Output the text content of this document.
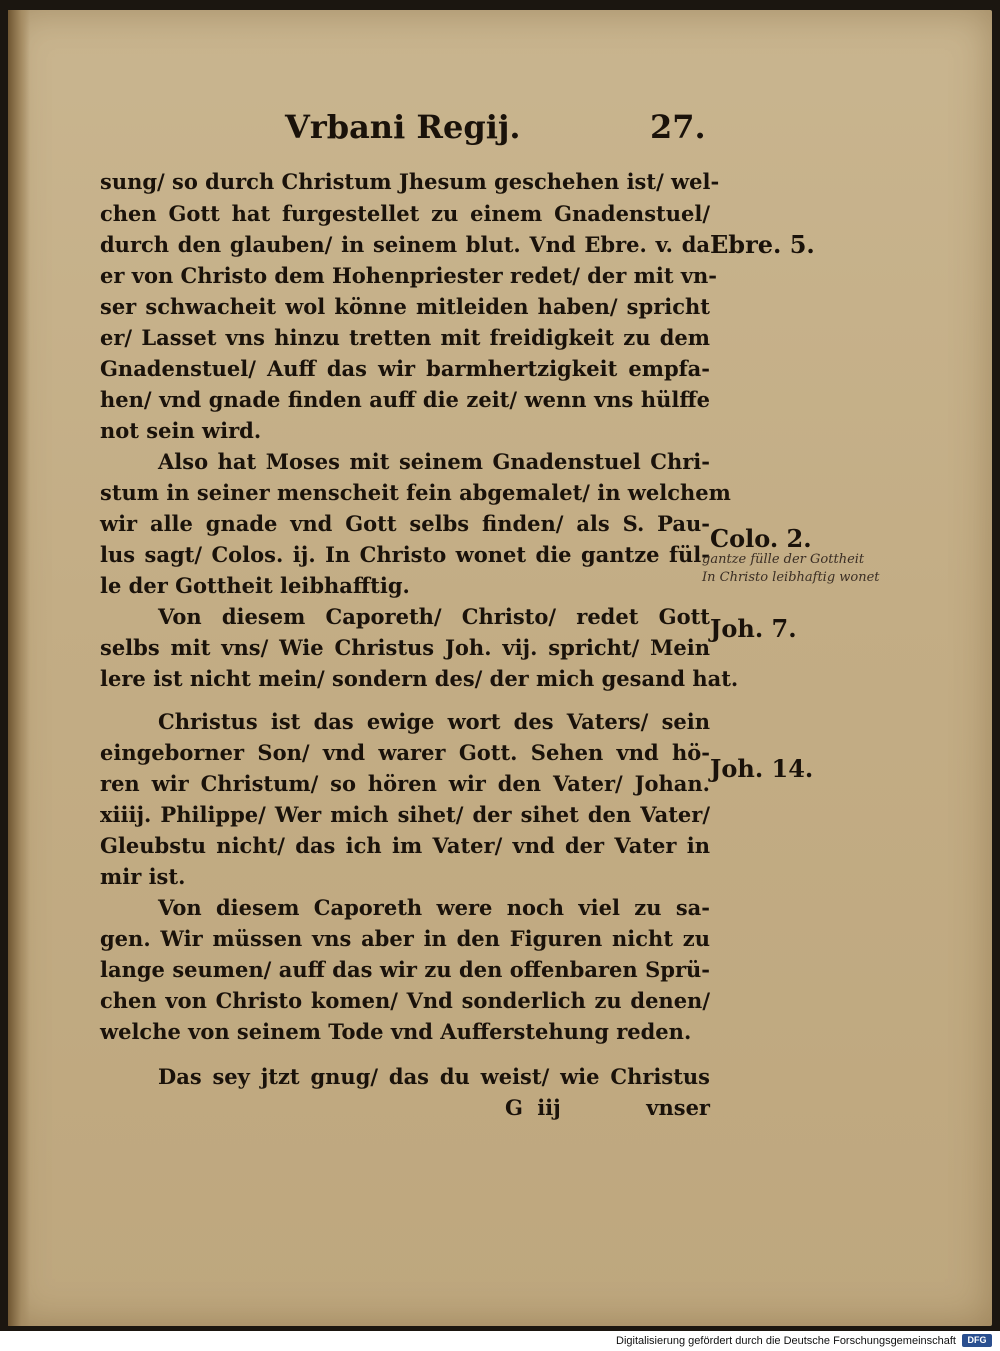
Vrbani Regij.	27.
sung/ so durch Christum Jhesum geschehen ist/ wel-
chen Gott hat furgestellet zu einem Gnadenstuel/
durch den glauben/ in seinem blut. Vnd Ebre. v. da
er von Christo dem Hohenpriester redet/ der mit vn-
ser schwacheit wol könne mitleiden haben/ spricht
er/ Lasset vns hinzu tretten mit freidigkeit zu dem
Gnadenstuel/ Auff das wir barmhertzigkeit empfa-
hen/ vnd gnade finden auff die zeit/ wenn vns hülffe
not sein wird.
Also hat Moses mit seinem Gnadenstuel Chri-
stum in seiner menscheit fein abgemalet/ in welchem
wir alle gnade vnd Gott selbs finden/ als S. Pau-
lus sagt/ Colos. ij. In Christo wonet die gantze fül-
le der Gottheit leibhafftig.
Von diesem Caporeth/ Christo/ redet Gott
selbs mit vns/ Wie Christus Joh. vij. spricht/ Mein
lere ist nicht mein/ sondern des/ der mich gesand hat.
Christus ist das ewige wort des Vaters/ sein
eingeborner Son/ vnd warer Gott. Sehen vnd hö-
ren wir Christum/ so hören wir den Vater/ Johan.
xiiij. Philippe/ Wer mich sihet/ der sihet den Vater/
Gleubstu nicht/ das ich im Vater/ vnd der Vater in
mir ist.
Von diesem Caporeth were noch viel zu sa-
gen. Wir müssen vns aber in den Figuren nicht zu
lange seumen/ auff das wir zu den offenbaren Sprü-
chen von Christo komen/ Vnd sonderlich zu denen/
welche von seinem Tode vnd Aufferstehung reden.
Das sey jtzt gnug/ das du weist/ wie Christus
G iij      vnser
Ebre. 5.
Colo. 2.
Joh. 7.
Joh. 14.
gantze fülle der Gottheit
In Christo leibhaftig wonet
Digitalisierung gefördert durch die Deutsche Forschungsgemeinschaft	DFG
